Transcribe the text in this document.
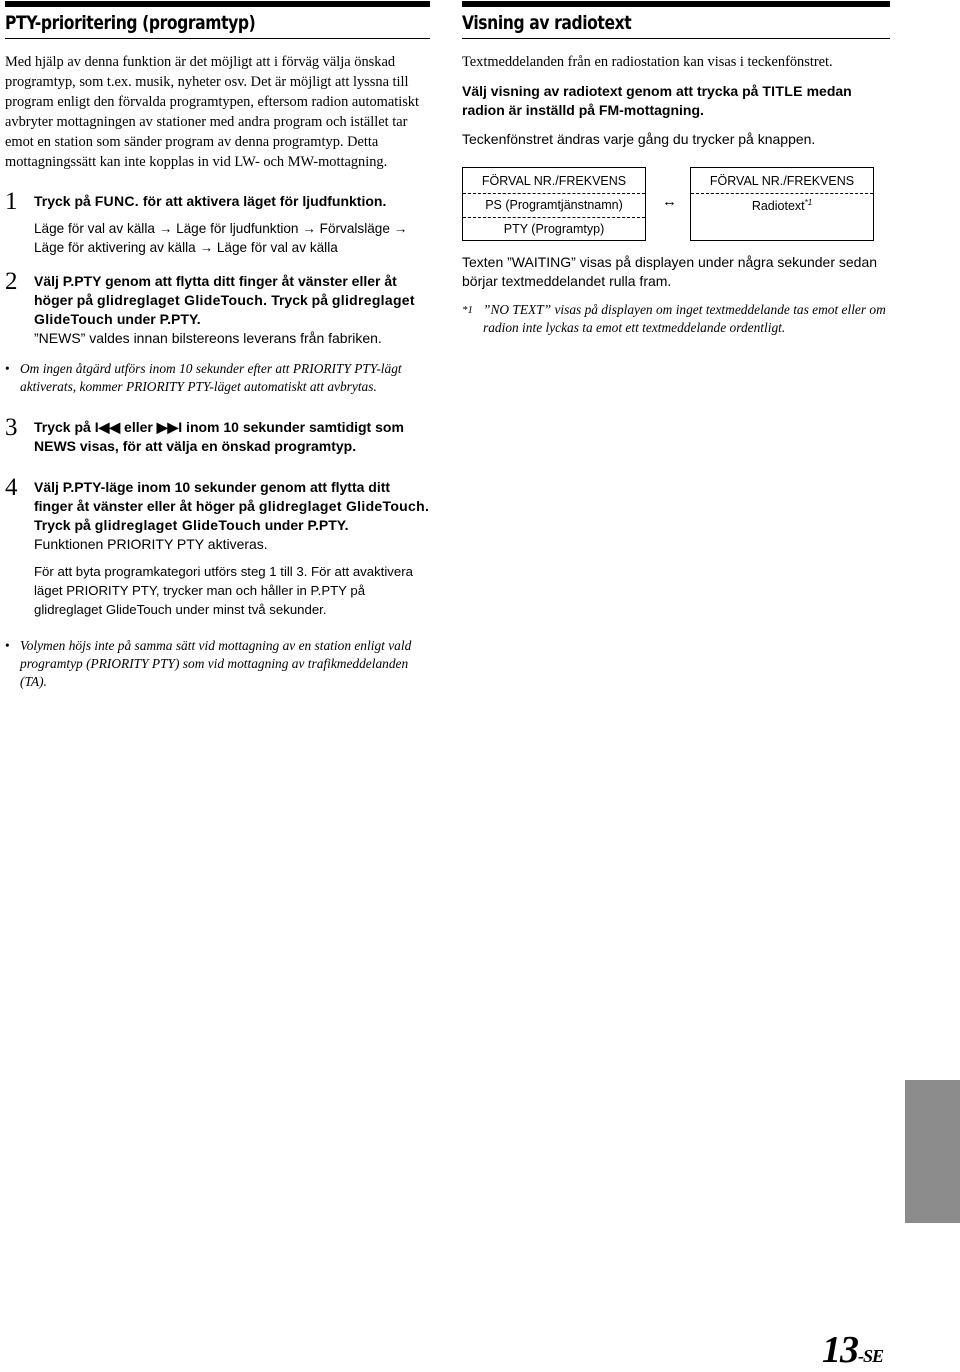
PTY-prioritering (programtyp)
Med hjälp av denna funktion är det möjligt att i förväg välja önskad programtyp, som t.ex. musik, nyheter osv. Det är möjligt att lyssna till program enligt den förvalda programtypen, eftersom radion automatiskt avbryter mottagningen av stationer med andra program och istället tar emot en station som sänder program av denna programtyp. Detta mottagningssätt kan inte kopplas in vid LW- och MW-mottagning.
1 Tryck på FUNC. för att aktivera läget för ljudfunktion.
Läge för val av källa → Läge för ljudfunktion → Förvalsläge → Läge för aktivering av källa → Läge för val av källa
2 Välj P.PTY genom att flytta ditt finger åt vänster eller åt höger på glidreglaget GlideTouch. Tryck på glidreglaget GlideTouch under P.PTY.
”NEWS” valdes innan bilstereons leverans från fabriken.
• Om ingen åtgärd utförs inom 10 sekunder efter att PRIORITY PTY-lägt aktiverats, kommer PRIORITY PTY-läget automatiskt att avbrytas.
3 Tryck på I◀◀ eller ▶▶I inom 10 sekunder samtidigt som NEWS visas, för att välja en önskad programtyp.
4 Välj P.PTY-läge inom 10 sekunder genom att flytta ditt finger åt vänster eller åt höger på glidreglaget GlideTouch. Tryck på glidreglaget GlideTouch under P.PTY.
Funktionen PRIORITY PTY aktiveras.
För att byta programkategori utförs steg 1 till 3. För att avaktivera läget PRIORITY PTY, trycker man och håller in P.PTY på glidreglaget GlideTouch under minst två sekunder.
• Volymen höjs inte på samma sätt vid mottagning av en station enligt vald programtyp (PRIORITY PTY) som vid mottagning av trafikmeddelanden (TA).
Visning av radiotext
Textmeddelanden från en radiostation kan visas i teckenfönstret.
Välj visning av radiotext genom att trycka på TITLE medan radion är inställd på FM-mottagning.
Teckenfönstret ändras varje gång du trycker på knappen.
FÖRVAL NR./FREKVENS
PS (Programtjänstnamn)
PTY (Programtyp)
↔
FÖRVAL NR./FREKVENS
Radiotext$^{*1}$
Texten ”WAITING” visas på displayen under några sekunder sedan börjar textmeddelandet rulla fram.
*1 ”NO TEXT” visas på displayen om inget textmeddelande tas emot eller om radion inte lyckas ta emot ett textmeddelande ordentligt.
13-SE
